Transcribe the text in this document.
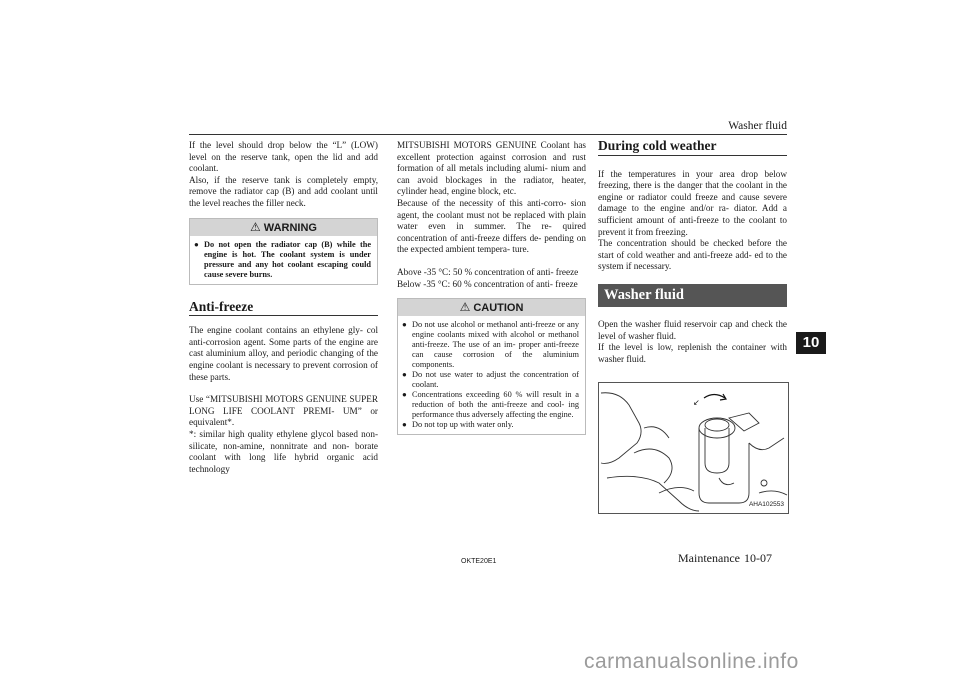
Washer fluid
10

If the level should drop below the “L” (LOW) level on the reserve tank, open the lid and add coolant.

Also, if the reserve tank is completely empty, remove the radiator cap (B) and add coolant until the level reaches the filler neck.

⚠ WARNING
● Do not open the radiator cap (B) while the engine is hot. The coolant system is under pressure and any hot coolant escaping could cause severe burns.
Anti-freeze

The engine coolant contains an ethylene gly- col anti-corrosion agent. Some parts of the engine are cast aluminium alloy, and periodic changing of the engine coolant is necessary to prevent corrosion of these parts.

Use “MITSUBISHI MOTORS GENUINE SUPER LONG LIFE COOLANT PREMI- UM” or equivalent*.

*: similar high quality ethylene glycol based non-silicate, non-amine, nonnitrate and non- borate coolant with long life hybrid organic acid technology

MITSUBISHI MOTORS GENUINE Coolant has excellent protection against corrosion and rust formation of all metals including alumi- nium and can avoid blockages in the radiator, heater, cylinder head, engine block, etc.

Because of the necessity of this anti-corro- sion agent, the coolant must not be replaced with plain water even in summer. The re- quired concentration of anti-freeze differs de- pending on the expected ambient tempera- ture.

Above -35 °C: 50 % concentration of anti- freeze

Below -35 °C: 60 % concentration of anti- freeze

⚠ CAUTION
● Do not use alcohol or methanol anti-freeze or any engine coolants mixed with alcohol or methanol anti-freeze. The use of an im- proper anti-freeze can cause corrosion of the aluminium components.
● Do not use water to adjust the concentration of coolant.
● Concentrations exceeding 60 % will result in a reduction of both the anti-freeze and cool- ing performance thus adversely affecting the engine.
● Do not top up with water only.
During cold weather

If the temperatures in your area drop below freezing, there is the danger that the coolant in the engine or radiator could freeze and cause severe damage to the engine and/or ra- diator. Add a sufficient amount of anti-freeze to the coolant to prevent it from freezing.

The concentration should be checked before the start of cold weather and anti-freeze add- ed to the system if necessary.

Washer fluid

Open the washer fluid reservoir cap and check the level of washer fluid.

If the level is low, replenish the container with washer fluid.

↙
AHA102553
OKTE20E1	Maintenance 10-07
carmanualsonline.info
